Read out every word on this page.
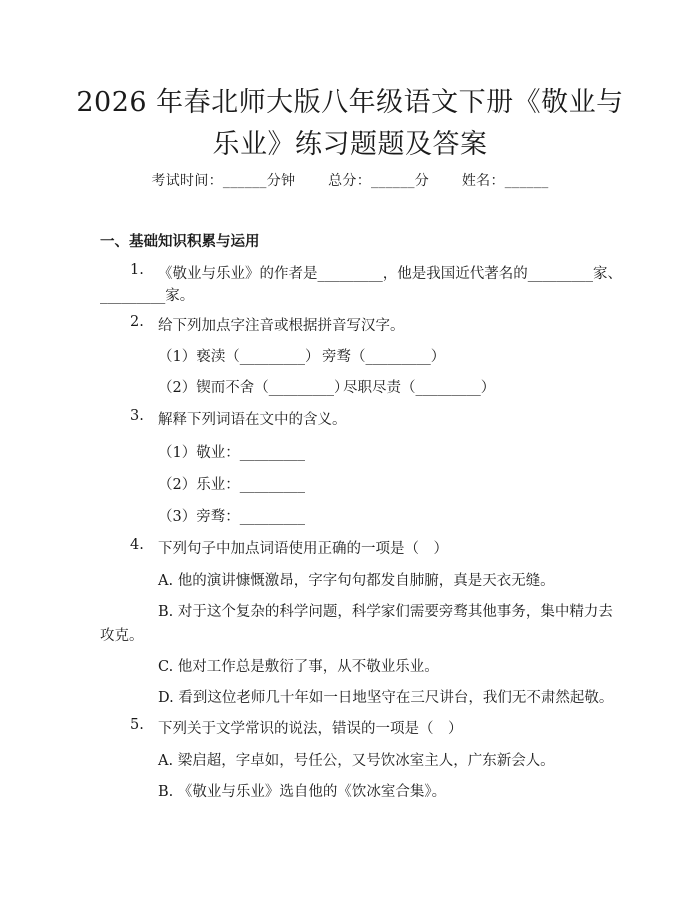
2026 年春北师大版八年级语文下册《敬业与
乐业》练习题题及答案
考试时间：______分钟 总分：______分 姓名：______
一、基础知识积累与运用
1. 《敬业与乐业》的作者是_________，他是我国近代著名的_________家、
_________家。
2. 给下列加点字注音或根据拼音写汉字。
（1）亵渎（_________） 旁骛（_________）
（2）锲而不舍（_________）
尽职尽责（_________）
3. 解释下列词语在文中的含义。
（1）敬业：_________
（2）乐业：_________
（3）旁骛：_________
4. 下列句子中加点词语使用正确的一项是（　）
A. 他的演讲慷慨激昂，字字句句都发自肺腑，真是天衣无缝。
B. 对于这个复杂的科学问题，科学家们需要旁骛其他事务，集中精力去
攻克。
C. 他对工作总是敷衍了事，从不敬业乐业。
D. 看到这位老师几十年如一日地坚守在三尺讲台，我们无不肃然起敬。
5. 下列关于文学常识的说法，错误的一项是（　）
A. 梁启超，字卓如，号任公，又号饮冰室主人，广东新会人。
B. 《敬业与乐业》选自他的《饮冰室合集》。
